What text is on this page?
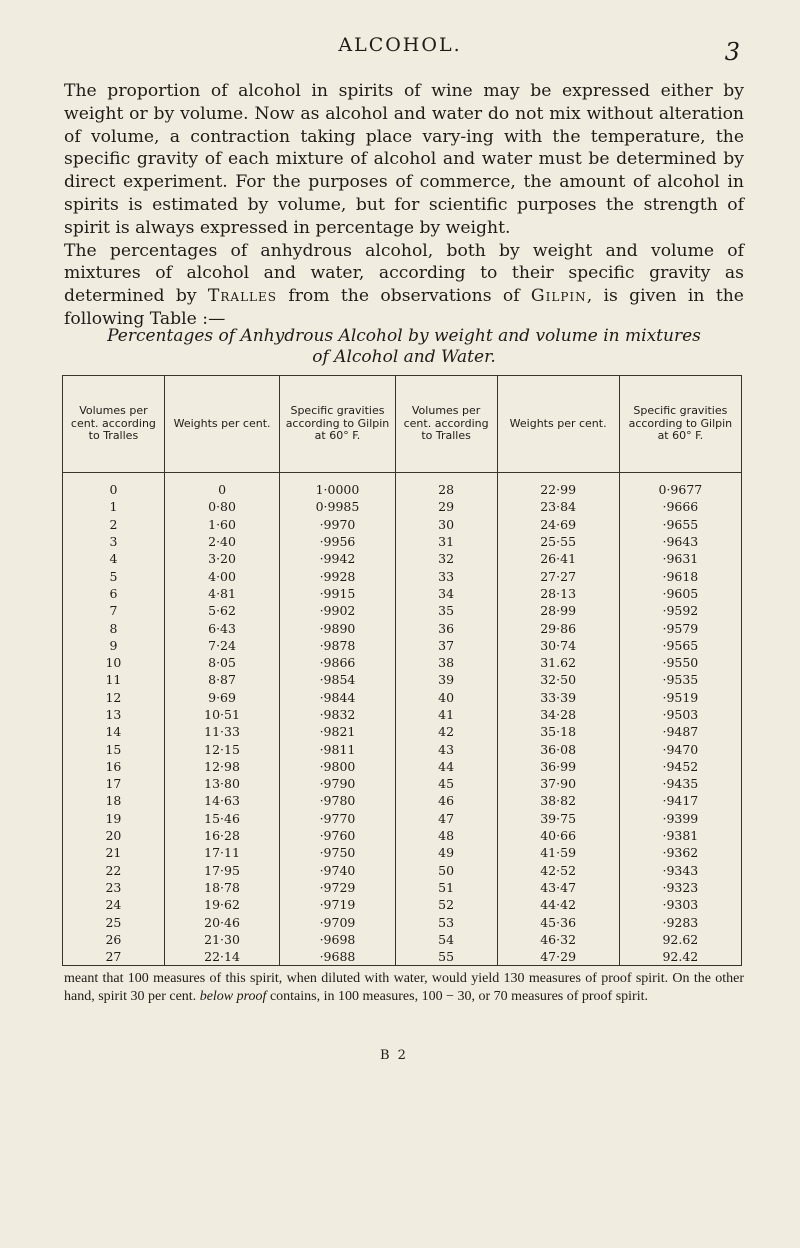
ALCOHOL.	3

The proportion of alcohol in spirits of wine may be expressed either by weight or by volume. Now as alcohol and water do not mix without alteration of volume, a contraction taking place vary-ing with the temperature, the specific gravity of each mixture of alcohol and water must be determined by direct experiment. For the purposes of commerce, the amount of alcohol in spirits is estimated by volume, but for scientific purposes the strength of spirit is always expressed in percentage by weight.

The percentages of anhydrous alcohol, both by weight and volume of mixtures of alcohol and water, according to their specific gravity as determined by Tralles from the observations of Gilpin, is given in the following Table :—

Percentages of Anhydrous Alcohol by weight and volume in mixtures
of Alcohol and Water.
Volumes per cent. according to Tralles	Weights per cent.	Specific gravities according to Gilpin at 60° F.	Volumes per cent. according to Tralles	Weights per cent.	Specific gravities according to Gilpin at 60° F.
0	0	1·0000	28	22·99	0·9677
1	0·80	0·9985	29	23·84	·9666
2	1·60	·9970	30	24·69	·9655
3	2·40	·9956	31	25·55	·9643
4	3·20	·9942	32	26·41	·9631
5	4·00	·9928	33	27·27	·9618
6	4·81	·9915	34	28·13	·9605
7	5·62	·9902	35	28·99	·9592
8	6·43	·9890	36	29·86	·9579
9	7·24	·9878	37	30·74	·9565
10	8·05	·9866	38	31.62	·9550
11	8·87	·9854	39	32·50	·9535
12	9·69	·9844	40	33·39	·9519
13	10·51	·9832	41	34·28	·9503
14	11·33	·9821	42	35·18	·9487
15	12·15	·9811	43	36·08	·9470
16	12·98	·9800	44	36·99	·9452
17	13·80	·9790	45	37·90	·9435
18	14·63	·9780	46	38·82	·9417
19	15·46	·9770	47	39·75	·9399
20	16·28	·9760	48	40·66	·9381
21	17·11	·9750	49	41·59	·9362
22	17·95	·9740	50	42·52	·9343
23	18·78	·9729	51	43·47	·9323
24	19·62	·9719	52	44·42	·9303
25	20·46	·9709	53	45·36	·9283
26	21·30	·9698	54	46·32	92.62
27	22·14	·9688	55	47·29	92.42
meant that 100 measures of this spirit, when diluted with water, would yield 130 measures of proof spirit. On the other hand, spirit 30 per cent. below proof contains, in 100 measures, 100 − 30, or 70 measures of proof spirit.
B 2
